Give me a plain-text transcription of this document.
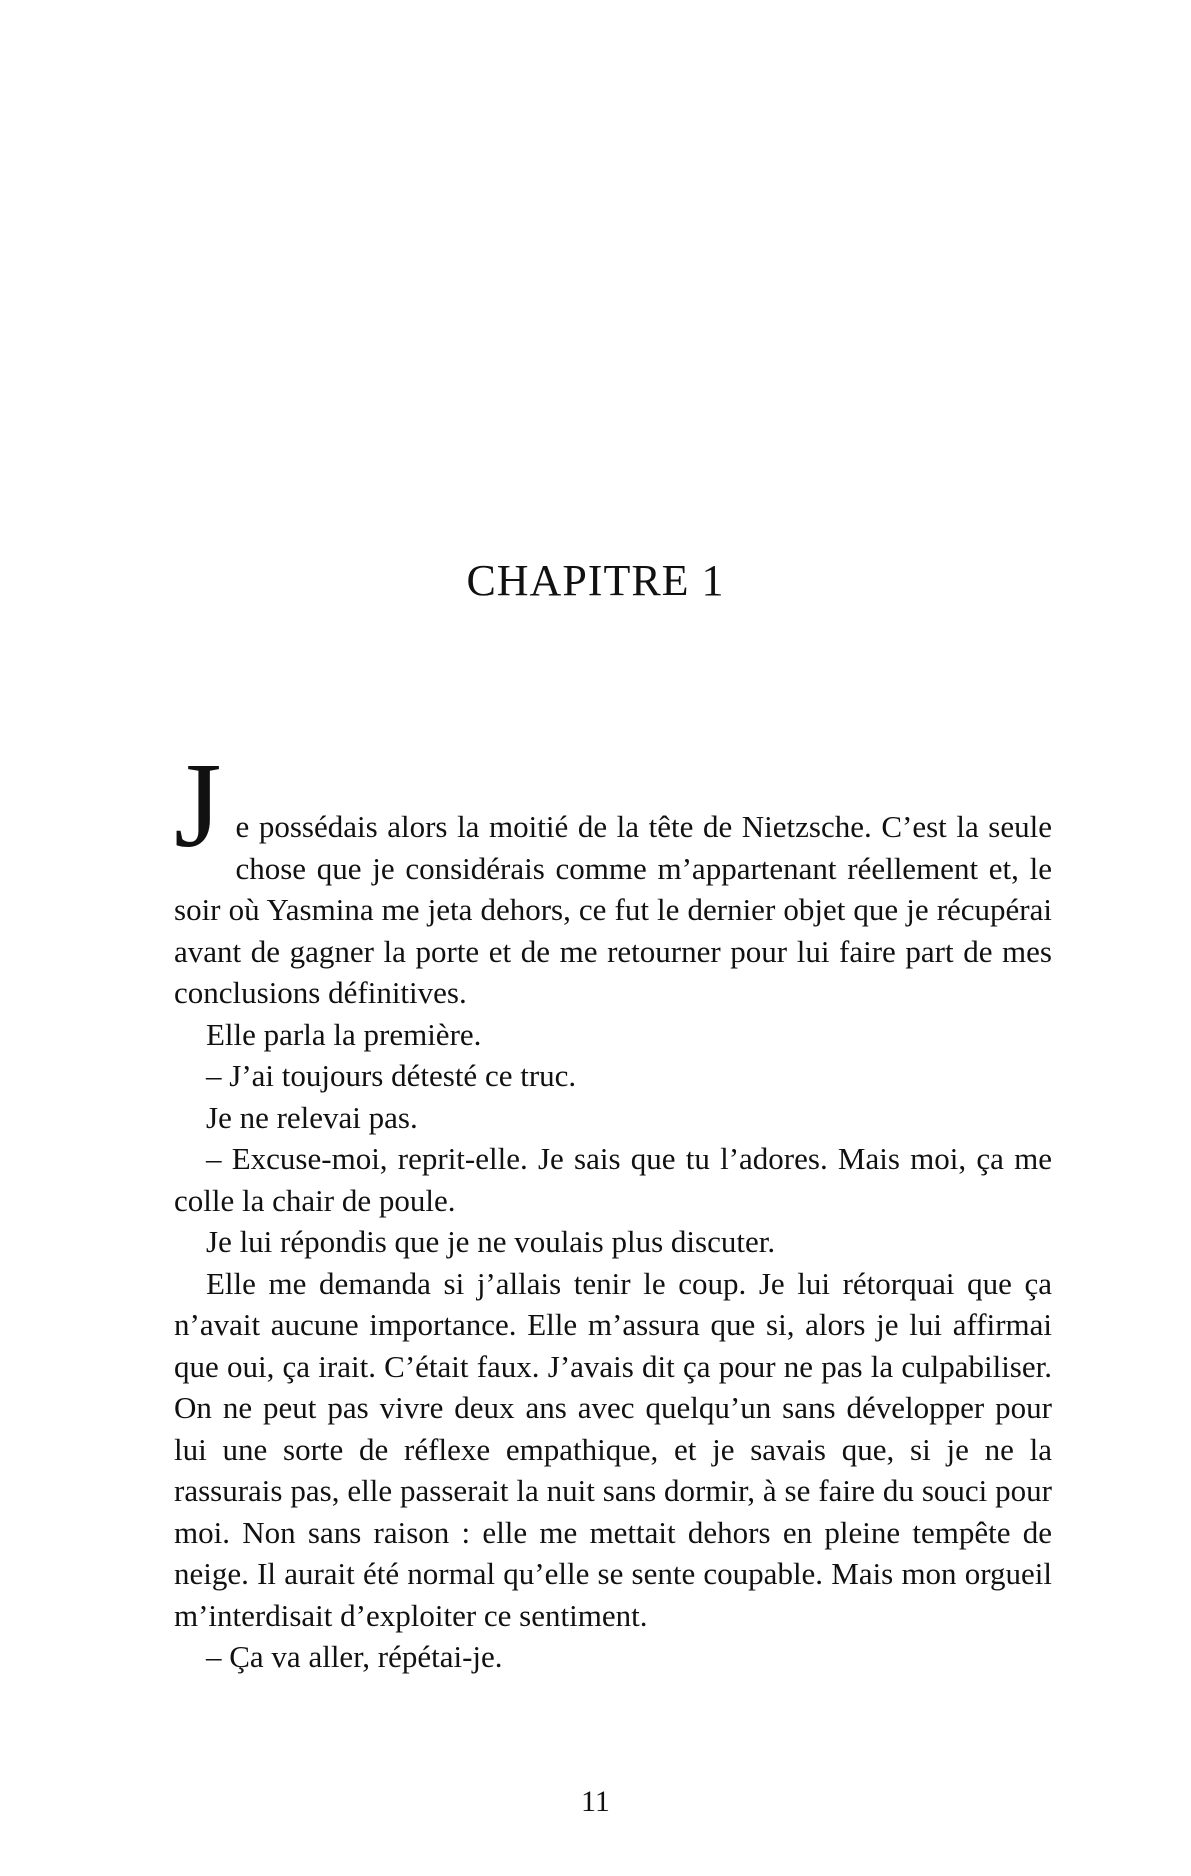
CHAPITRE 1

Je possédais alors la moitié de la tête de Nietzsche. C’est la seule chose que je considérais comme m’appartenant réellement et, le soir où Yasmina me jeta dehors, ce fut le dernier objet que je récupérai avant de gagner la porte et de me retourner pour lui faire part de mes conclusions définitives.

Elle parla la première.

– J’ai toujours détesté ce truc.

Je ne relevai pas.

– Excuse-moi, reprit-elle. Je sais que tu l’adores. Mais moi, ça me colle la chair de poule.

Je lui répondis que je ne voulais plus discuter.

Elle me demanda si j’allais tenir le coup. Je lui rétorquai que ça n’avait aucune importance. Elle m’assura que si, alors je lui affirmai que oui, ça irait. C’était faux. J’avais dit ça pour ne pas la culpabiliser. On ne peut pas vivre deux ans avec quelqu’un sans développer pour lui une sorte de réflexe empathique, et je savais que, si je ne la rassurais pas, elle passerait la nuit sans dormir, à se faire du souci pour moi. Non sans raison : elle me mettait dehors en pleine tempête de neige. Il aurait été normal qu’elle se sente coupable. Mais mon orgueil m’interdisait d’exploiter ce sentiment.

– Ça va aller, répétai-je.

11
